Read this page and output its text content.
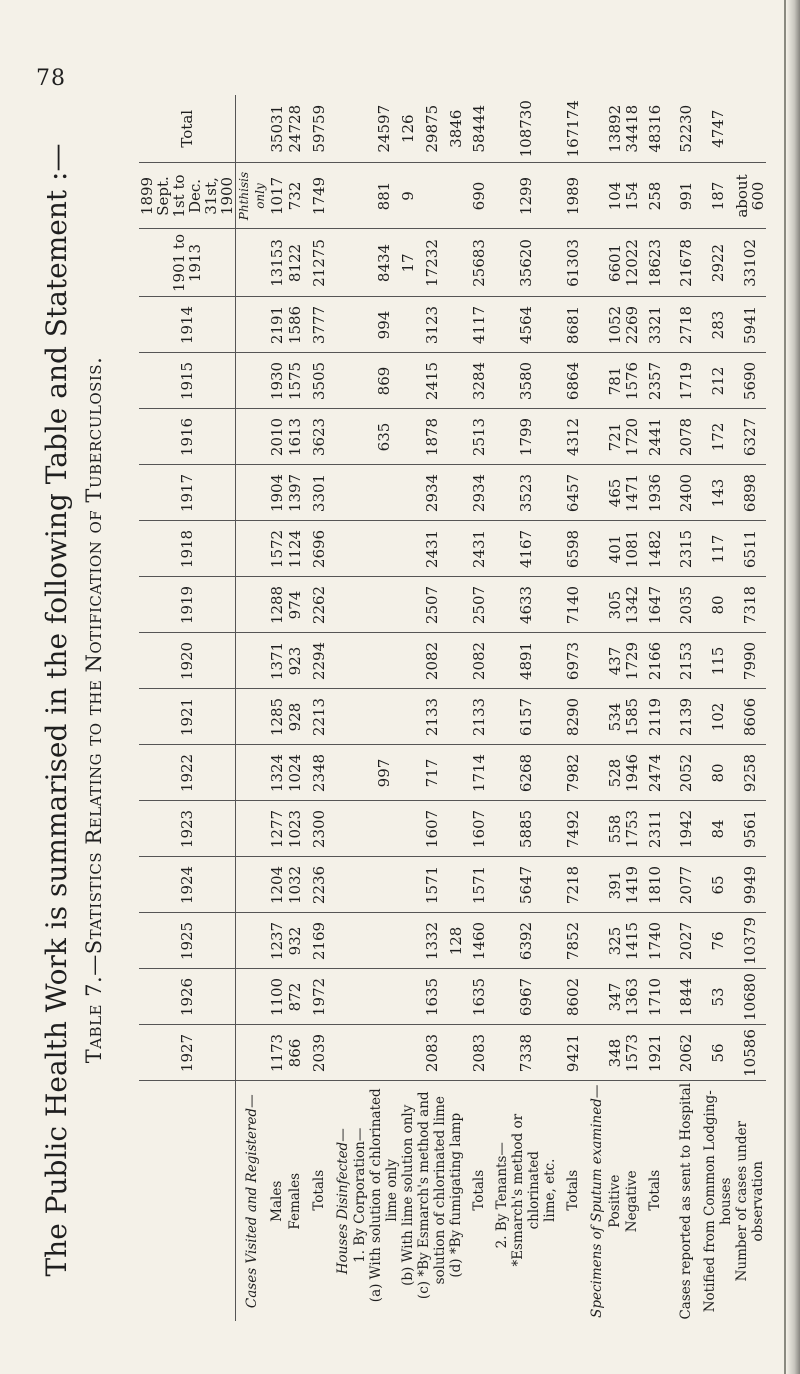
78
The Public Health Work is summarised in the following Table and Statement :— Table 7.—Statistics Relating to the Notification of Tuberculosis.
		1927	1926	1925	1924	1923	1922	1921	1920	1919	1918	1917	1916	1915	1914	1901 to 1913	1899 Sept. 1st to Dec. 31st, 1900	Total

Cases Visited and Registered—																Phthisis only	

Males	1173	1100	1237	1204	1277	1324	1285	1371	1288	1572	1904	2010	1930	2191	13153	1017	35031

Females	866	872	932	1032	1023	1024	928	923	974	1124	1397	1613	1575	1586	8122	732	24728

Totals	2039	1972	2169	2236	2300	2348	2213	2294	2262	2696	3301	3623	3505	3777	21275	1749	59759

Houses Disinfected—																	

1. By Corporation—																	

(a) With solution of chlorinated lime only						997						635	869	994	8434	881	24597

(b) With lime solution only															17	9	126

(c) *By Esmarch's method and solution of chlorinated lime	2083	1635	1332	1571	1607	717	2133	2082	2507	2431	2934	1878	2415	3123	17232		29875

(d) *By fumigating lamp			128														3846

Totals	2083	1635	1460	1571	1607	1714	2133	2082	2507	2431	2934	2513	3284	4117	25683	690	58444

2. By Tenants— *Esmarch's method or chlorinated lime, etc.	7338	6967	6392	5647	5885	6268	6157	4891	4633	4167	3523	1799	3580	4564	35620	1299	108730

Totals	9421	8602	7852	7218	7492	7982	8290	6973	7140	6598	6457	4312	6864	8681	61303	1989	167174

Specimens of Sputum examined—																	

Positive	348	347	325	391	558	528	534	437	305	401	465	721	781	1052	6601	104	13892

Negative	1573	1363	1415	1419	1753	1946	1585	1729	1342	1081	1471	1720	1576	2269	12022	154	34418

Totals	1921	1710	1740	1810	2311	2474	2119	2166	1647	1482	1936	2441	2357	3321	18623	258	48316

Cases reported as sent to Hospital	2062	1844	2027	2077	1942	2052	2139	2153	2035	2315	2400	2078	1719	2718	21678	991	52230

Notified from Common Lodging-houses	56	53	76	65	84	80	102	115	80	117	143	172	212	283	2922	187	4747

Number of cases under observation	10586	10680	10379	9949	9561	9258	8606	7990	7318	6511	6898	6327	5690	5941	33102	about 600	
